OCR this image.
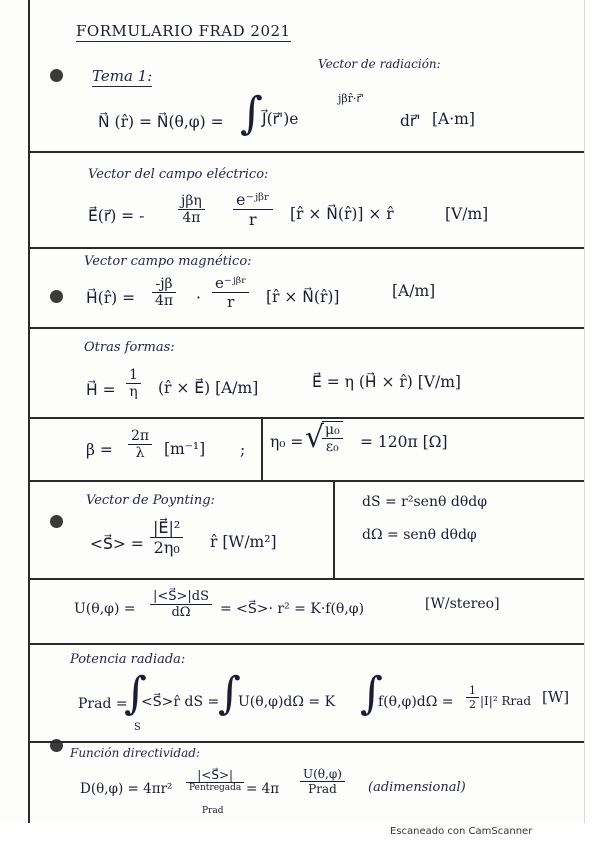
FORMULARIO FRAD 2021
Tema 1:
Vector de radiación:
N⃗ (r̂) = N⃗(θ,φ) = ∫ J⃗(r⃗')e
jβr̂·r⃗'
dr⃗' [A·m]
Vector del campo eléctrico:
E⃗(r⃗) = -
jβη
4π
e⁻ʲᵝʳ
r	[r̂ × N⃗(r̂)] × r̂	[V/m]
Vector campo magnético:
H⃗(r̂) = $\frac{-j\beta}{4\pi}$ ·
e⁻ʲᵝʳ
r	[r̂ × N⃗(r̂)]	[A/m]
Otras formas:
H⃗ = $\frac{1}{\eta}$ (r̂ × E⃗) [A/m]	E⃗ = η (H⃗ × r̂) [V/m]
$\beta = \frac{2\pi}{\lambda} [m^{-1}]$ ; η₀ = √
$\frac{\text{μ₀}}{\text{ε₀}} = 120\pi$ [Ω]
Vector de Poynting:
<S⃗> = $\frac{\text{|E⃗|²}}{\text{2η₀}}$ r̂ [W/m²]
dS = r²senθ dθdφ
dΩ = senθ dθdφ
$U(\theta,\varphi) = \frac{|<S⃗>|dS}{d\Omega}$ = <S⃗>· r² = K·f(θ,φ)	[W/stereo]
Potencia radiada:
Prad =
∫
S
<S⃗>r̂ dS =
∫
U(θ,φ)dΩ = K ∫
$f(\theta,\varphi)d\Omega = \frac{1}{2} |I|^2$ Rrad [W]
Función directividad:
D(θ,φ) = 4πr²
|<S⃗>|
Pentregada
Prad
= 4π
U(θ,φ)
Prad	(adimensional)
Escaneado con CamScanner
